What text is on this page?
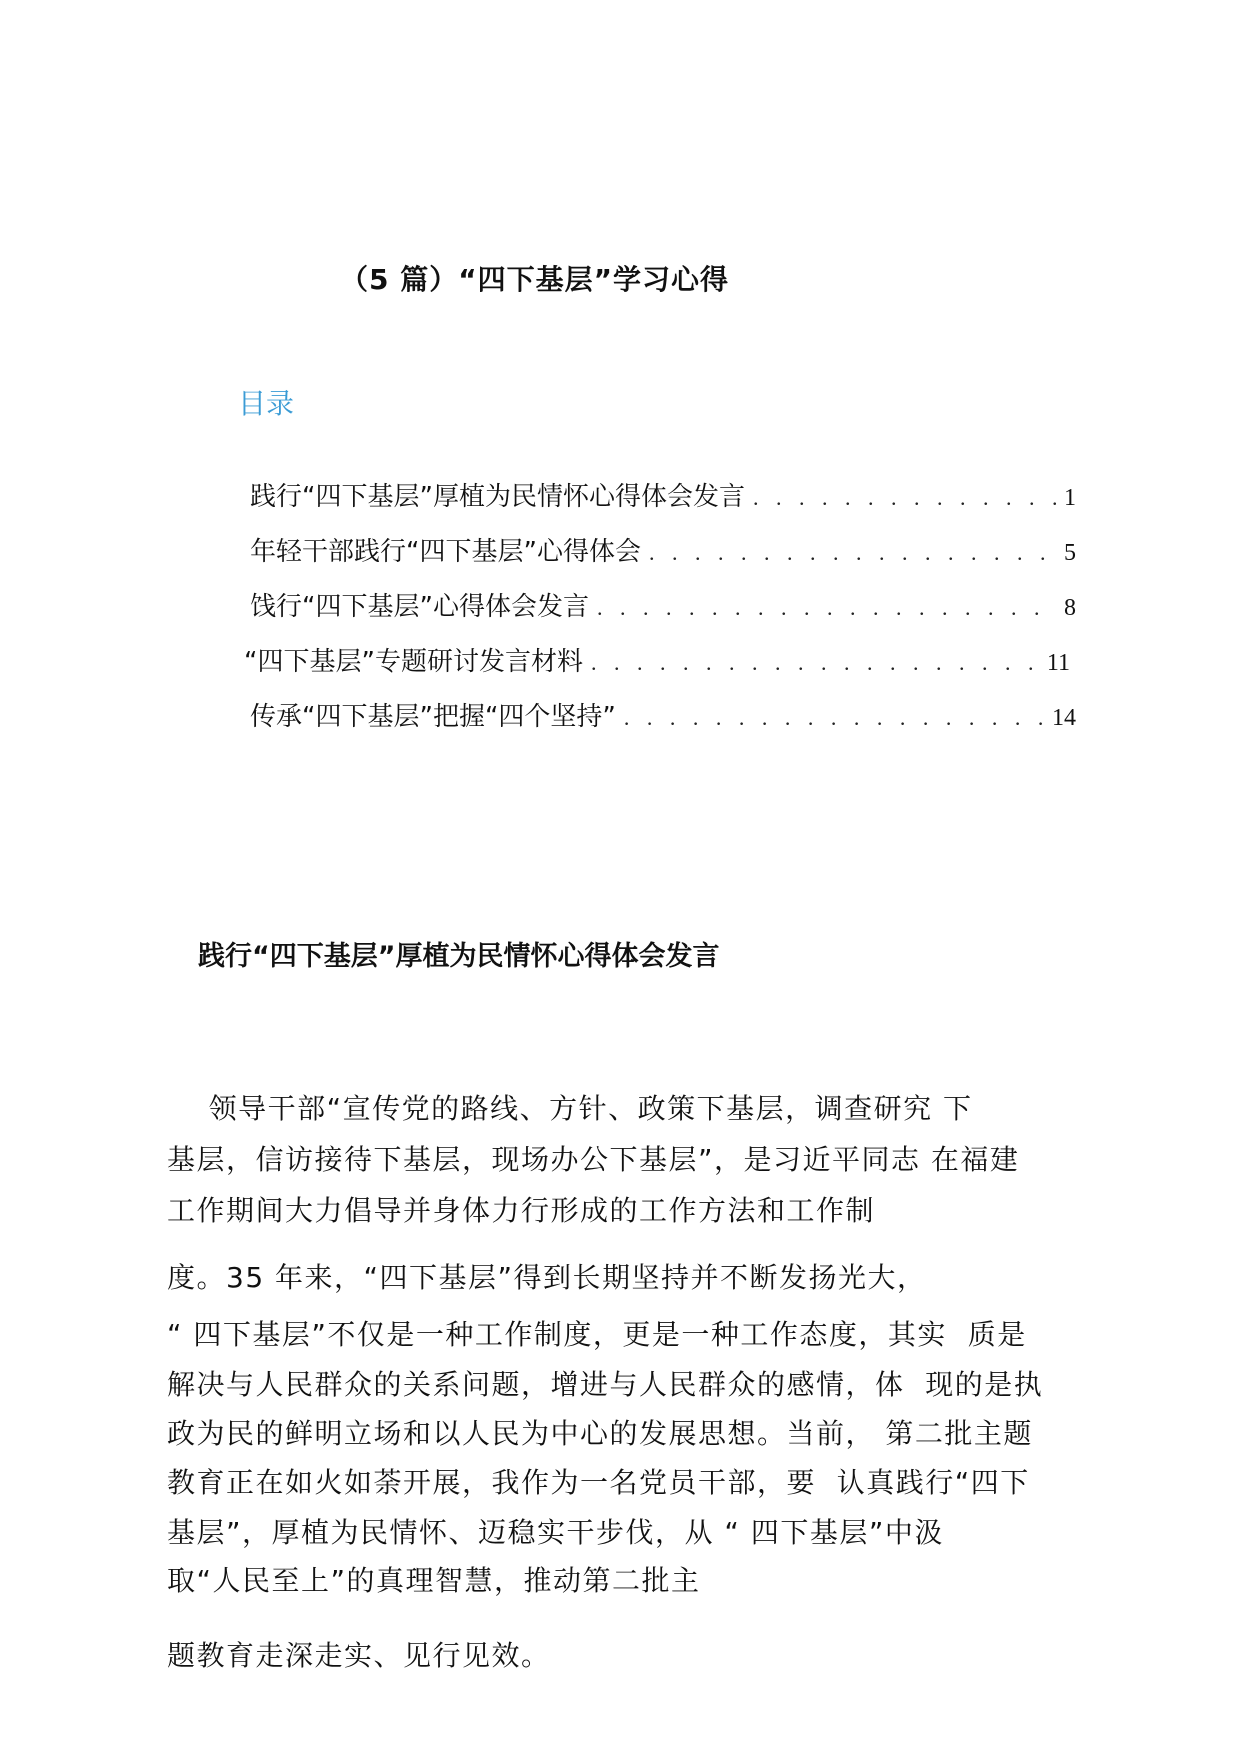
（5 篇）“四下基层”学习心得
目录
践行“四下基层”厚植为民情怀心得体会发言 . . .	1
年轻干部践行“四下基层”心得体会 . . .	5
饯行“四下基层”心得体会发言 . . .	8
“四下基层”专题研讨发言材料 . . .	11
传承“四下基层”把握“四个坚持” . . .	14
践行“四下基层”厚植为民情怀心得体会发言
领导干部“宣传党的路线、方针、政策下基层，调查研究 下
基层，信访接待下基层，现场办公下基层”，是习近平同志 在福建
工作期间大力倡导并身体力行形成的工作方法和工作制
度。35 年来，“四下基层”得到长期坚持并不断发扬光大，
“ 四下基层”不仅是一种工作制度，更是一种工作态度，其实  质是
解决与人民群众的关系问题，增进与人民群众的感情，体  现的是执
政为民的鲜明立场和以人民为中心的发展思想。当前， 第二批主题
教育正在如火如荼开展，我作为一名党员干部，要  认真践行“四下
基层”，厚植为民情怀、迈稳实干步伐，从 “ 四下基层”中汲
取“人民至上”的真理智慧，推动第二批主
题教育走深走实、见行见效。
